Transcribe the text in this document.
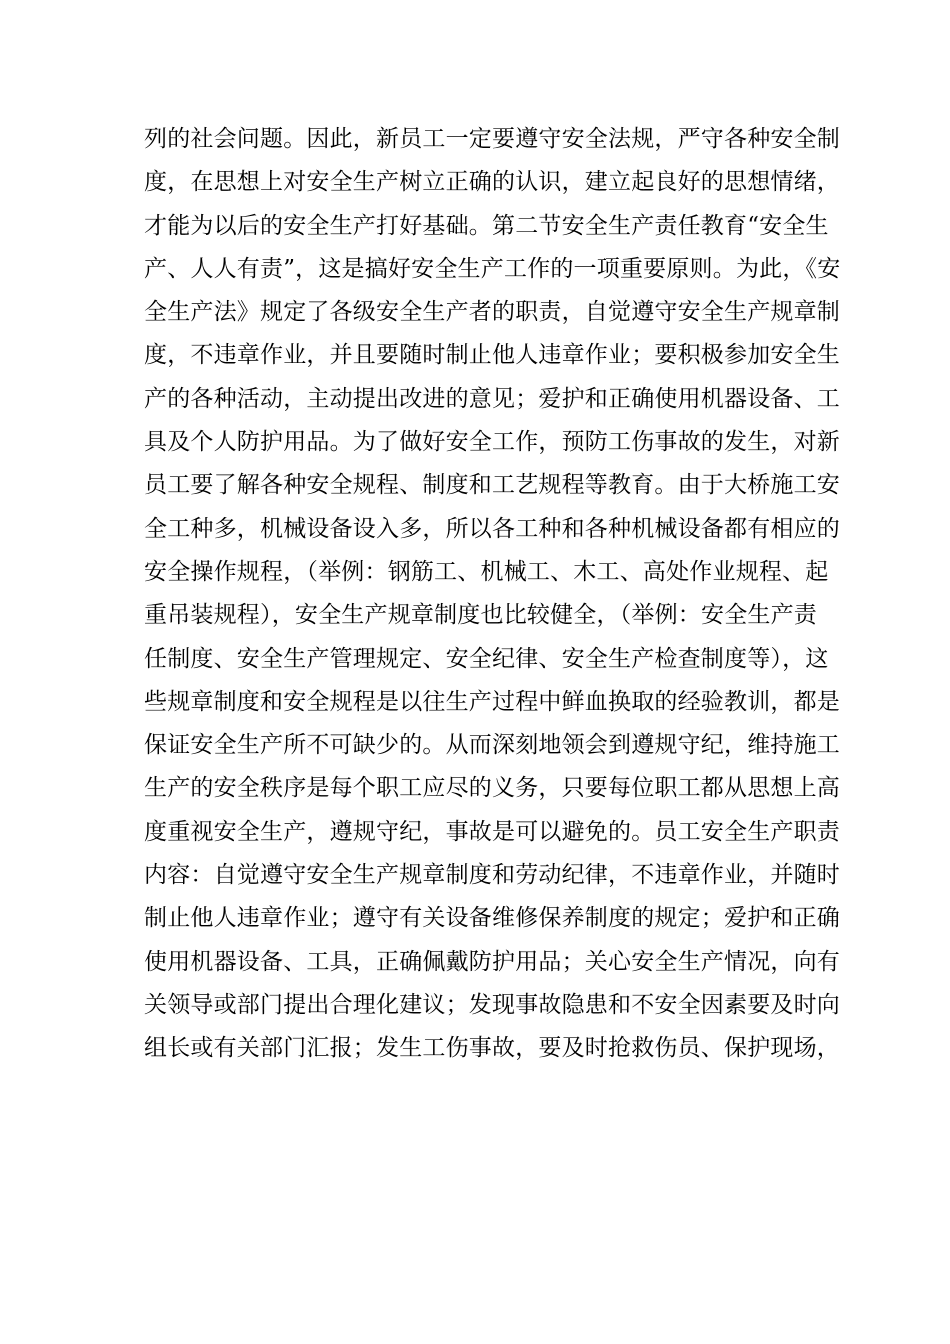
列的社会问题。因此，新员工一定要遵守安全法规，严守各种安全制
度，在思想上对安全生产树立正确的认识，建立起良好的思想情绪，
才能为以后的安全生产打好基础。第二节安全生产责任教育“安全生
产、人人有责”，这是搞好安全生产工作的一项重要原则。为此，《安
全生产法》规定了各级安全生产者的职责，自觉遵守安全生产规章制
度，不违章作业，并且要随时制止他人违章作业；要积极参加安全生
产的各种活动，主动提出改进的意见；爱护和正确使用机器设备、工
具及个人防护用品。为了做好安全工作，预防工伤事故的发生，对新
员工要了解各种安全规程、制度和工艺规程等教育。由于大桥施工安
全工种多，机械设备设入多，所以各工种和各种机械设备都有相应的
安全操作规程，（举例：钢筋工、机械工、木工、高处作业规程、起
重吊装规程），安全生产规章制度也比较健全，（举例：安全生产责
任制度、安全生产管理规定、安全纪律、安全生产检查制度等），这
些规章制度和安全规程是以往生产过程中鲜血换取的经验教训，都是
保证安全生产所不可缺少的。从而深刻地领会到遵规守纪，维持施工
生产的安全秩序是每个职工应尽的义务，只要每位职工都从思想上高
度重视安全生产，遵规守纪，事故是可以避免的。员工安全生产职责
内容：自觉遵守安全生产规章制度和劳动纪律，不违章作业，并随时
制止他人违章作业；遵守有关设备维修保养制度的规定；爱护和正确
使用机器设备、工具，正确佩戴防护用品；关心安全生产情况，向有
关领导或部门提出合理化建议；发现事故隐患和不安全因素要及时向
组长或有关部门汇报；发生工伤事故，要及时抢救伤员、保护现场，
